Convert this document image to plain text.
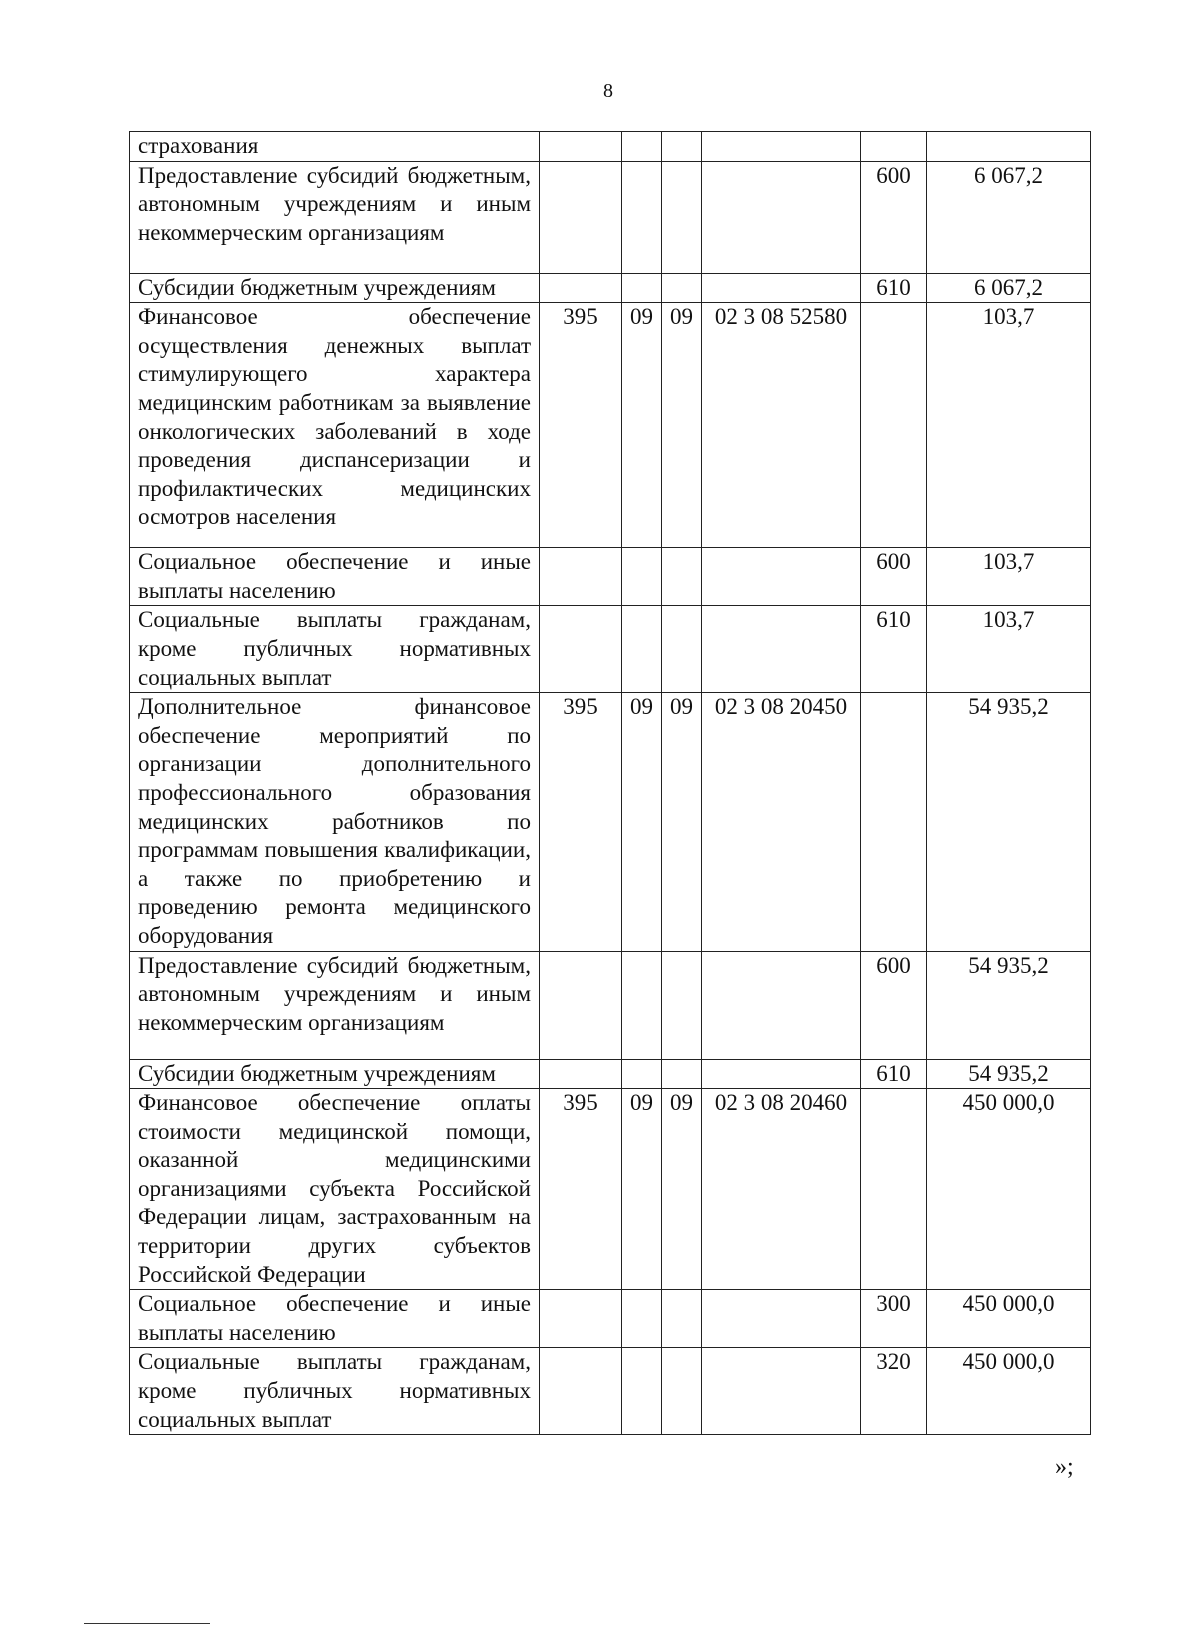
8
страхования						
Предоставление субсидий бюджетным, автономным учреждениям и иным некоммерческим организациям					600	6 067,2
Субсидии бюджетным учреждениям					610	6 067,2
Финансовое обеспечение осуществления денежных выплат стимулирующего характера медицинским работникам за выявление онкологических заболеваний в ходе проведения диспансеризации и профилактических медицинских осмотров населения	395	09	09	02 3 08 52580		103,7
Социальное обеспечение и иные выплаты населению					600	103,7
Социальные выплаты гражданам, кроме публичных нормативных социальных выплат					610	103,7
Дополнительное финансовое обеспечение мероприятий по организации дополнительного профессионального образования медицинских работников по программам повышения квалификации, а также по приобретению и проведению ремонта медицинского оборудования	395	09	09	02 3 08 20450		54 935,2
Предоставление субсидий бюджетным, автономным учреждениям и иным некоммерческим организациям					600	54 935,2
Субсидии бюджетным учреждениям					610	54 935,2
Финансовое обеспечение оплаты стоимости медицинской помощи, оказанной медицинскими организациями субъекта Российской Федерации лицам, застрахованным на территории других субъектов Российской Федерации	395	09	09	02 3 08 20460		450 000,0
Социальное обеспечение и иные выплаты населению					300	450 000,0
Социальные выплаты гражданам, кроме публичных нормативных социальных выплат					320	450 000,0
»;
